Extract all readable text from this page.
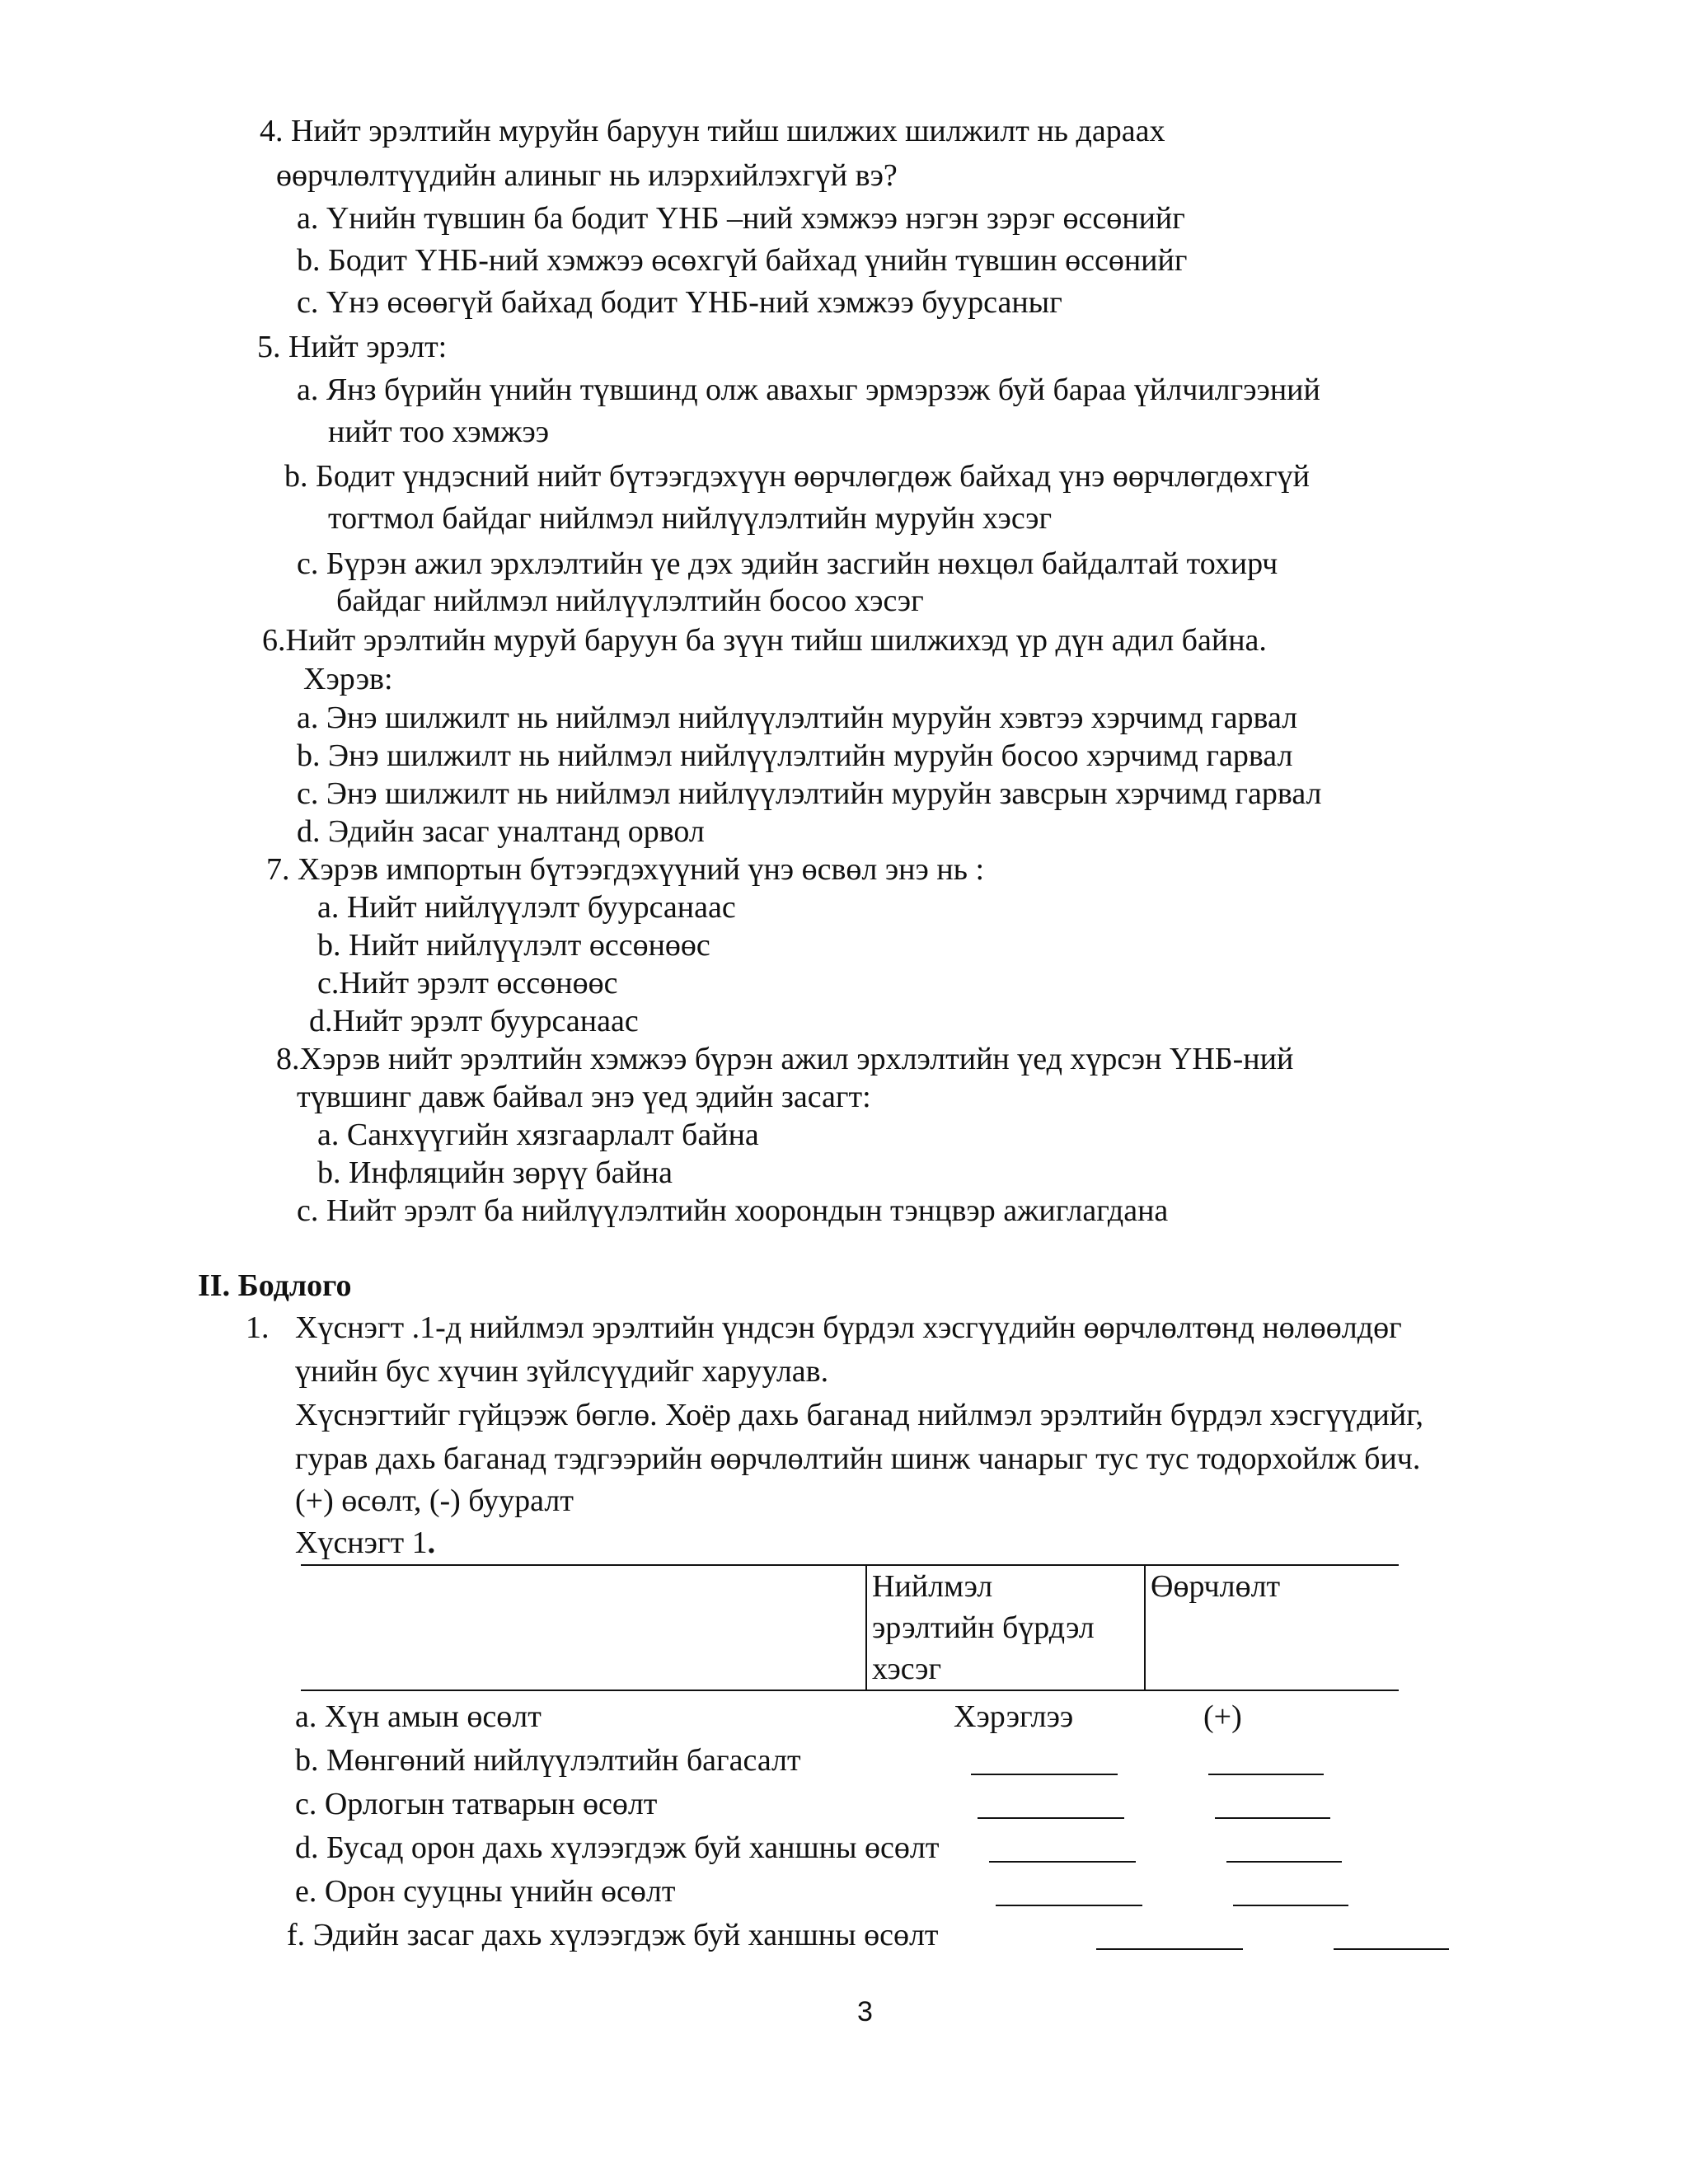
4. Нийт эрэлтийн муруйн баруун тийш шилжих шилжилт нь дараах
өөрчлөлтүүдийн алиныг нь илэрхийлэхгүй вэ?
a. Үнийн түвшин ба бодит ҮНБ –ний хэмжээ нэгэн зэрэг өссөнийг
b. Бодит ҮНБ-ний хэмжээ өсөхгүй байхад үнийн түвшин өссөнийг
c. Үнэ өсөөгүй байхад бодит ҮНБ-ний хэмжээ буурсаныг
5. Нийт эрэлт:
a. Янз бүрийн үнийн түвшинд олж авахыг эрмэрзэж буй бараа үйлчилгээний
нийт тоо хэмжээ
b. Бодит үндэсний нийт бүтээгдэхүүн өөрчлөгдөж байхад үнэ өөрчлөгдөхгүй
тогтмол байдаг нийлмэл нийлүүлэлтийн муруйн хэсэг
c. Бүрэн ажил эрхлэлтийн үе дэх эдийн засгийн нөхцөл байдалтай тохирч
байдаг нийлмэл нийлүүлэлтийн босоо хэсэг
6.Нийт эрэлтийн муруй баруун ба зүүн тийш шилжихэд үр дүн адил байна.
Хэрэв:
a. Энэ шилжилт нь нийлмэл нийлүүлэлтийн муруйн хэвтээ хэрчимд гарвал
b. Энэ шилжилт нь нийлмэл нийлүүлэлтийн муруйн босоо хэрчимд гарвал
c. Энэ шилжилт нь нийлмэл нийлүүлэлтийн муруйн завсрын хэрчимд гарвал
d. Эдийн засаг уналтанд орвол
7. Хэрэв импортын бүтээгдэхүүний үнэ өсвөл энэ нь :
a. Нийт нийлүүлэлт буурсанаас
b. Нийт нийлүүлэлт өссөнөөс
c.Нийт эрэлт өссөнөөс
d.Нийт эрэлт буурсанаас
8.Хэрэв нийт эрэлтийн хэмжээ бүрэн ажил эрхлэлтийн үед хүрсэн ҮНБ-ний
түвшинг давж байвал энэ үед эдийн засагт:
a. Санхүүгийн хязгаарлалт байна
b. Инфляцийн зөрүү байна
c. Нийт эрэлт ба нийлүүлэлтийн хоорондын тэнцвэр ажиглагдана
II. Бодлого
1. Хүснэгт .1-д нийлмэл эрэлтийн үндсэн бүрдэл хэсгүүдийн өөрчлөлтөнд нөлөөлдөг
үнийн бус хүчин зүйлсүүдийг харуулав.
Хүснэгтийг гүйцээж бөглө. Хоёр дахь баганад нийлмэл эрэлтийн бүрдэл хэсгүүдийг,
гурав дахь баганад тэдгээрийн өөрчлөлтийн шинж чанарыг тус тус тодорхойлж бич.
(+) өсөлт, (-) бууралт
Хүснэгт 1.
Нийлмэл
эрэлтийн бүрдэл
хэсэг
Өөрчлөлт
a. Хүн амын өсөлт	Хэрэглээ	(+)
b. Мөнгөний нийлүүлэлтийн багасалт
c. Орлогын татварын өсөлт
d. Бусад орон дахь хүлээгдэж буй ханшны өсөлт
e. Орон сууцны үнийн өсөлт
f. Эдийн засаг дахь хүлээгдэж буй ханшны өсөлт
3
